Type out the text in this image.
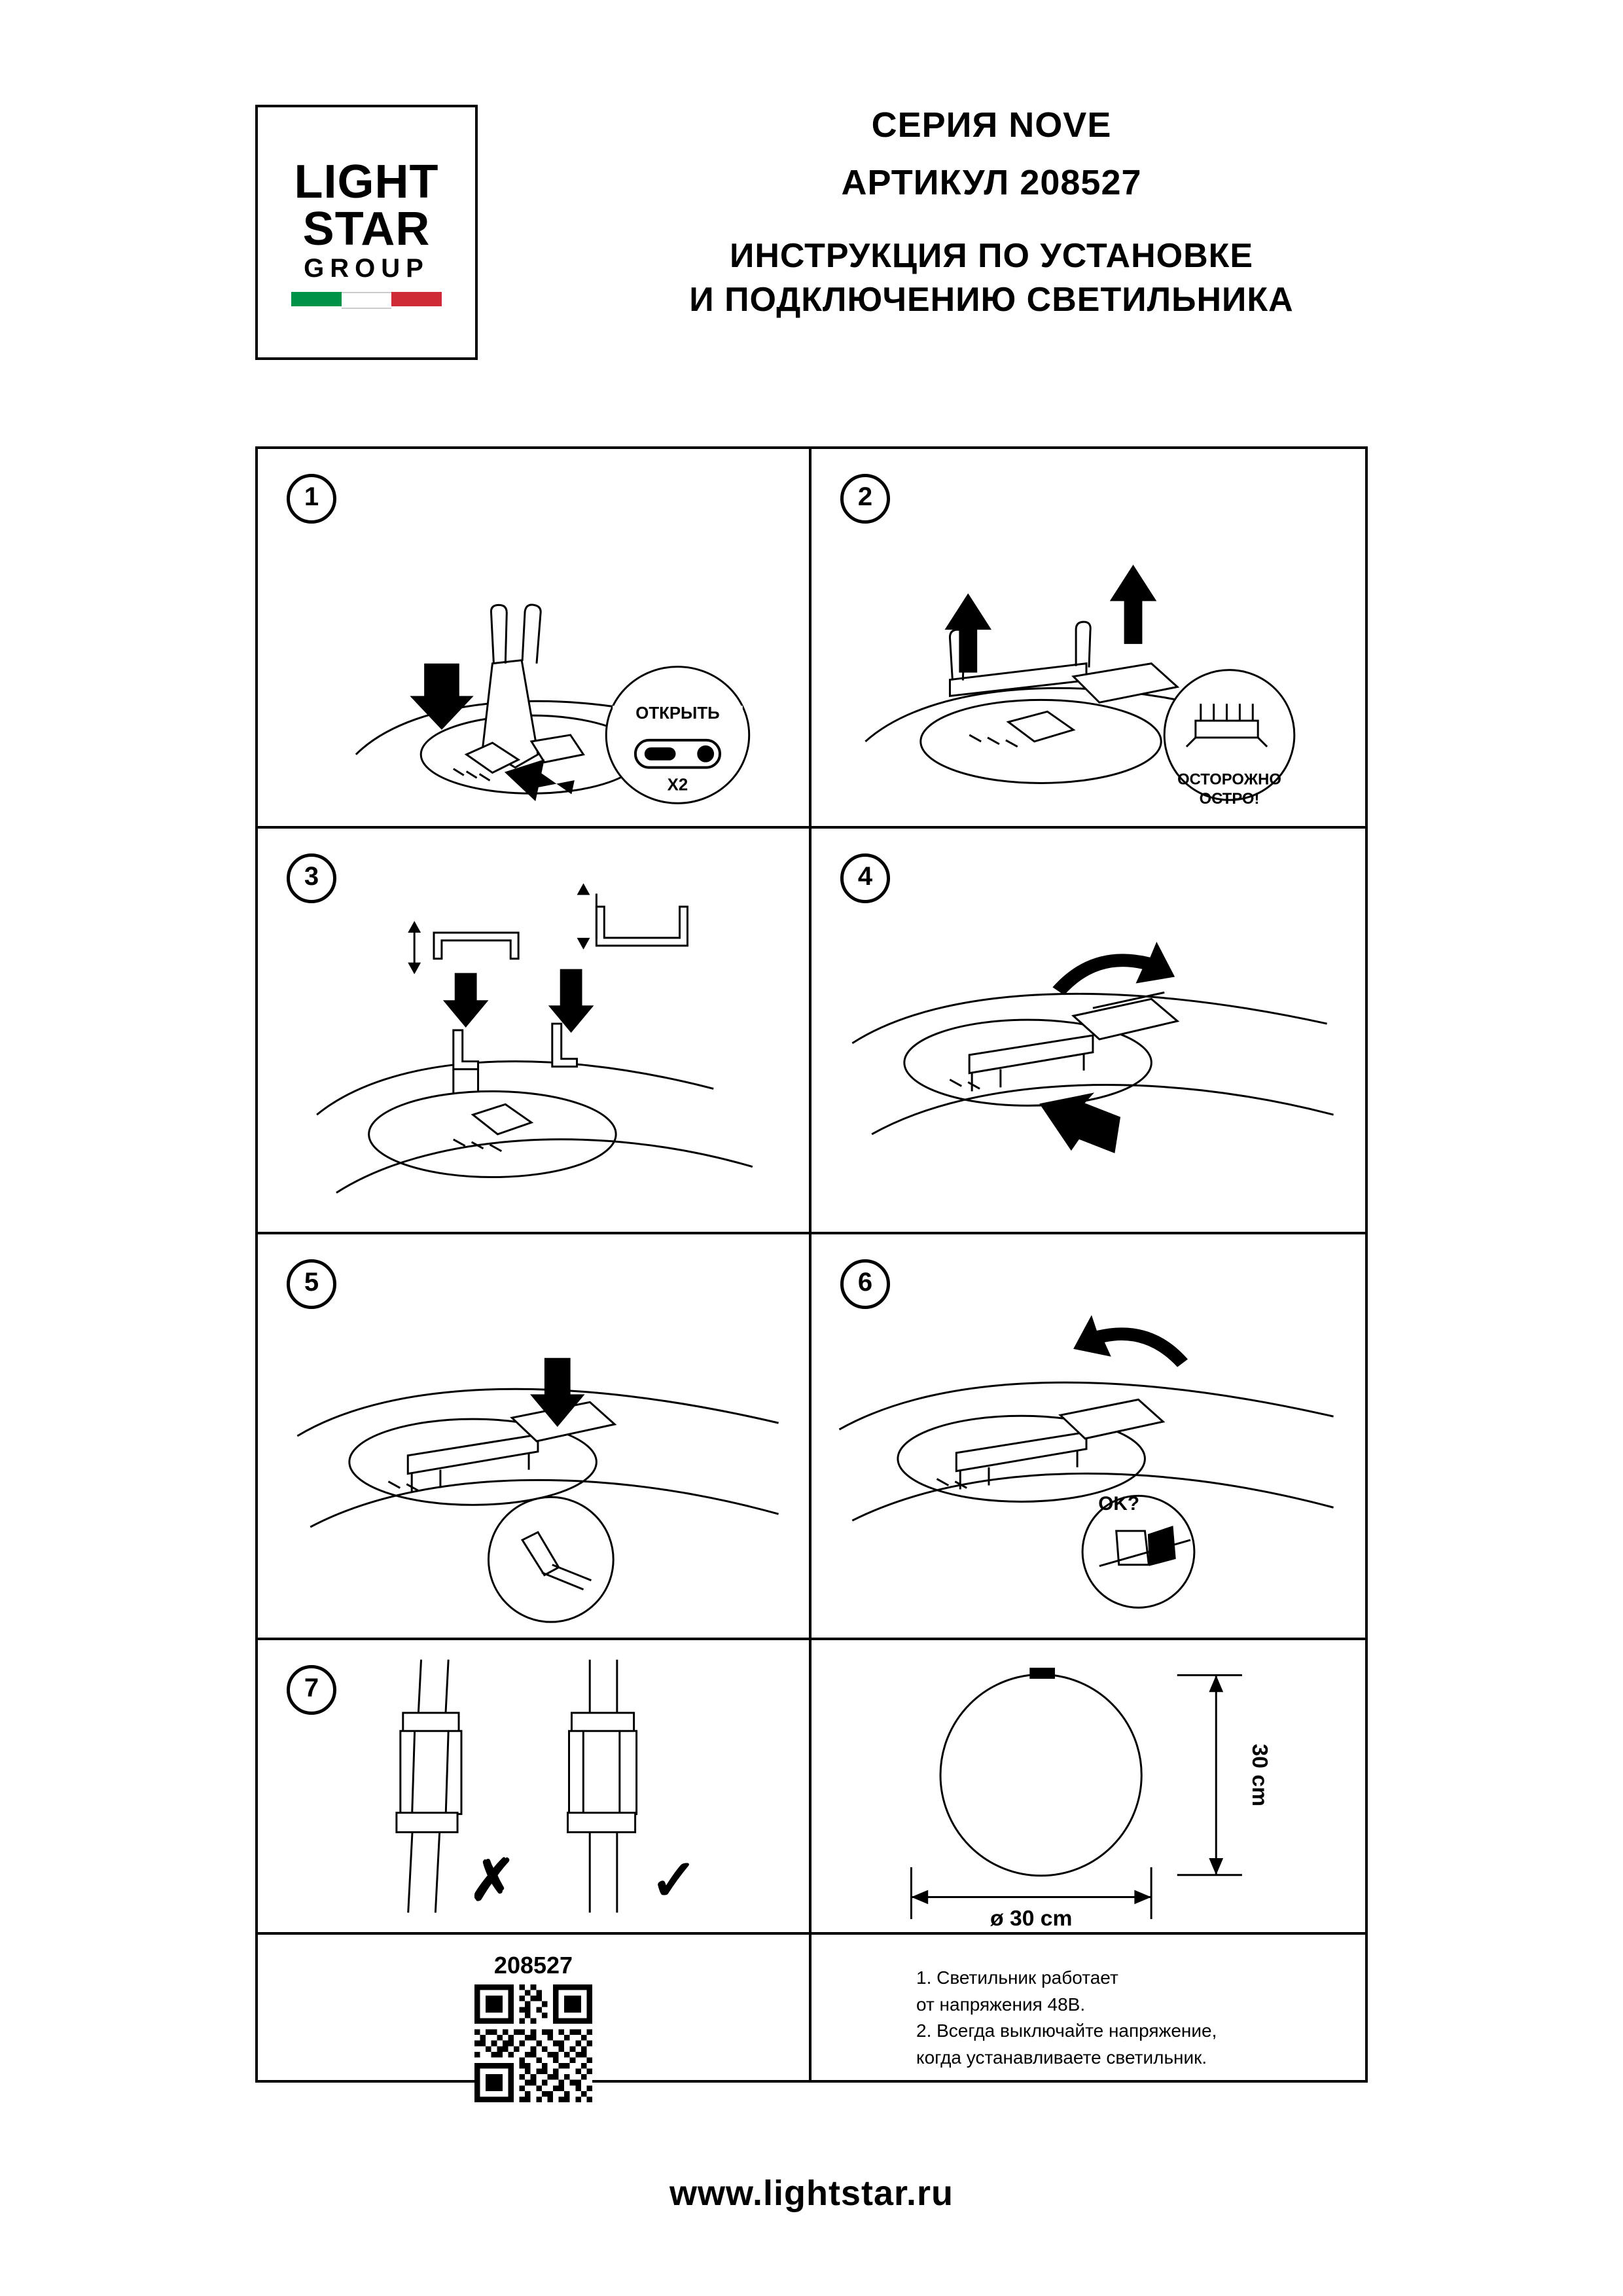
LIGHT
STAR
GROUP
СЕРИЯ NOVE
АРТИКУЛ 208527
ИНСТРУКЦИЯ ПО УСТАНОВКЕ
И ПОДКЛЮЧЕНИЮ СВЕТИЛЬНИКА
1
ОТКРЫТЬ
X2
2
ОСТОРОЖНО
ОСТРО!
3	4
5	6
OK?
7
✗ ✓
30 cm
ø 30 cm
208527	1. Светильник работает
от напряжения 48В.
2. Всегда выключайте напряжение,
когда устанавливаете светильник.
www.lightstar.ru
